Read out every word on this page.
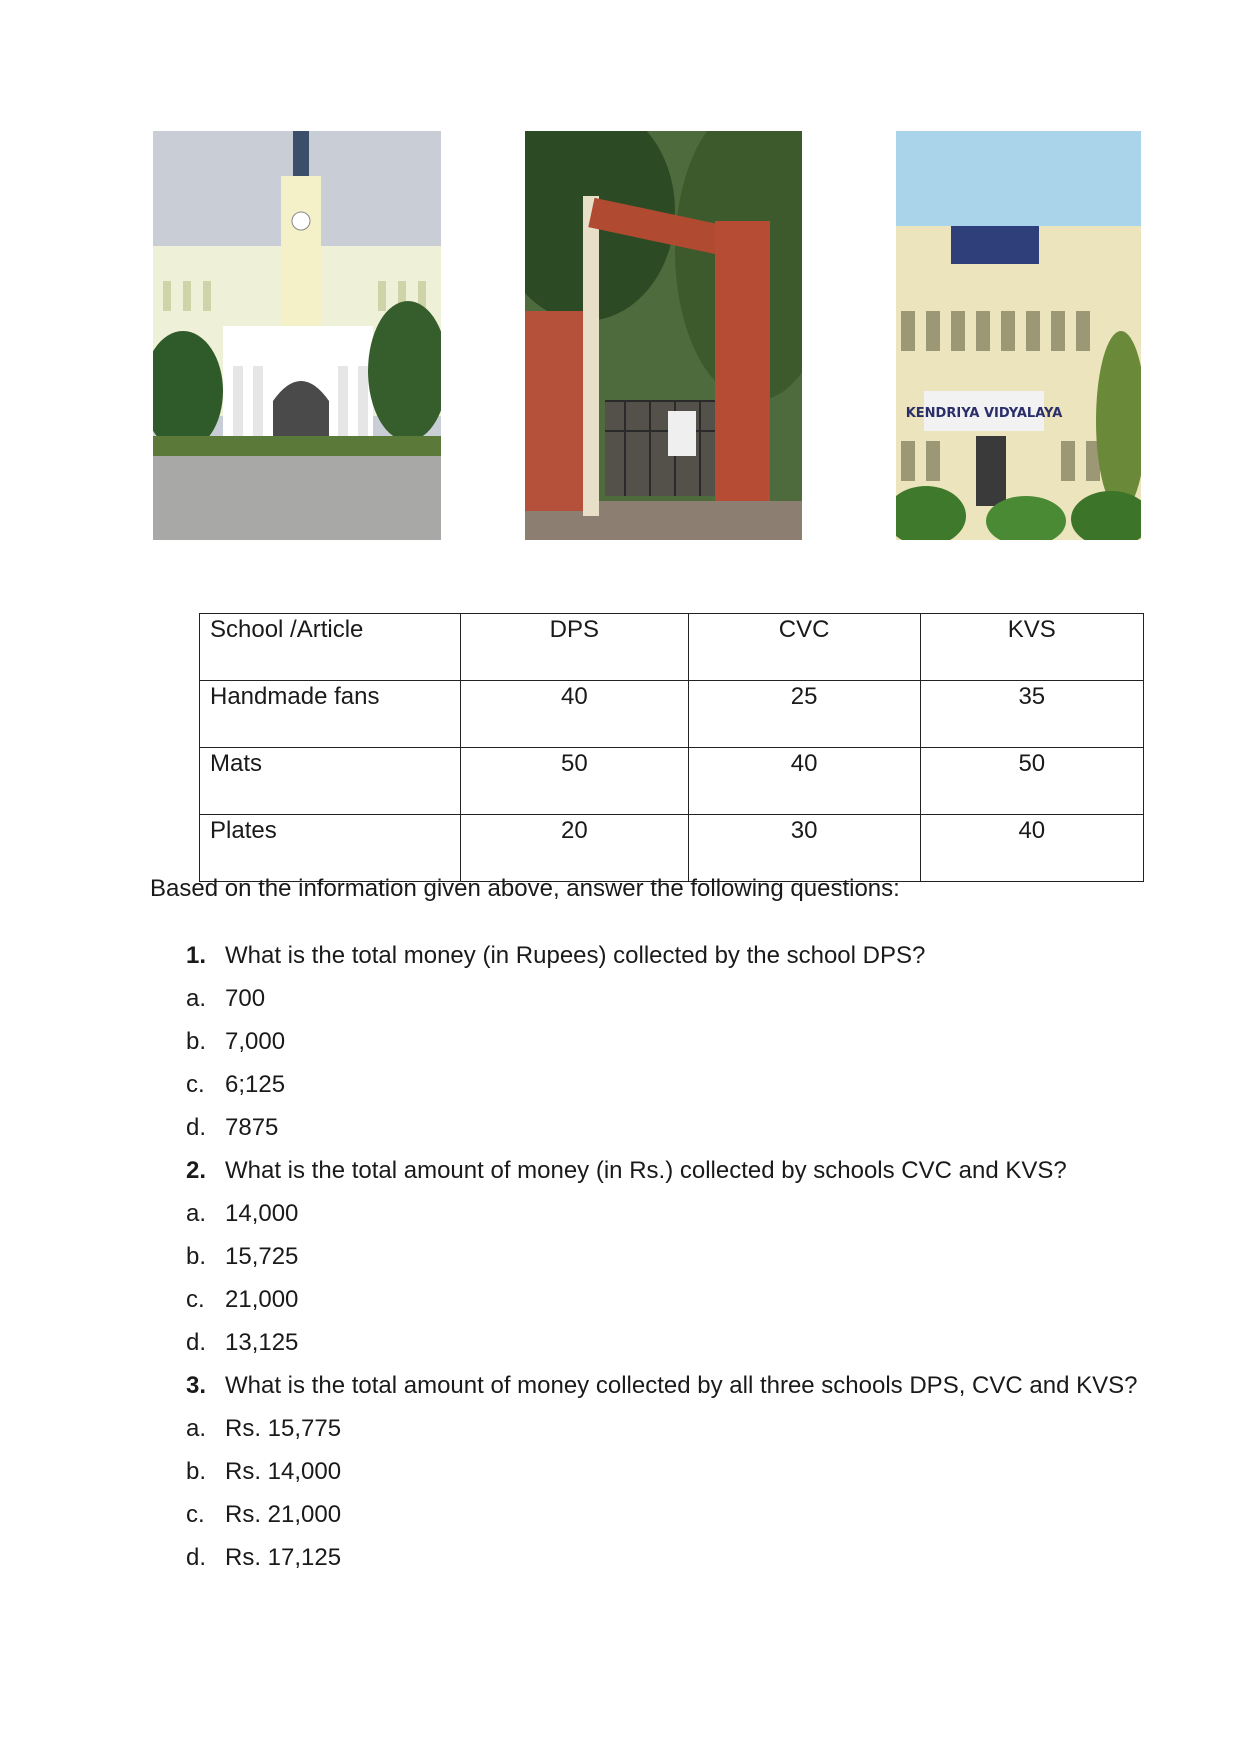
KENDRIYA VIDYALAYA
School /Article	DPS	CVC	KVS
Handmade fans	40	25	35
Mats	50	40	50
Plates	20	30	40
Based on the information given above, answer the following questions:
1. What is the total money (in Rupees) collected by the school DPS?
a. 700
b. 7,000
c. 6;125
d. 7875
2. What is the total amount of money (in Rs.) collected by schools CVC and KVS?
a. 14,000
b. 15,725
c. 21,000
d. 13,125
3. What is the total amount of money collected by all three schools DPS, CVC and KVS?
a. Rs. 15,775
b. Rs. 14,000
c. Rs. 21,000
d. Rs. 17,125
